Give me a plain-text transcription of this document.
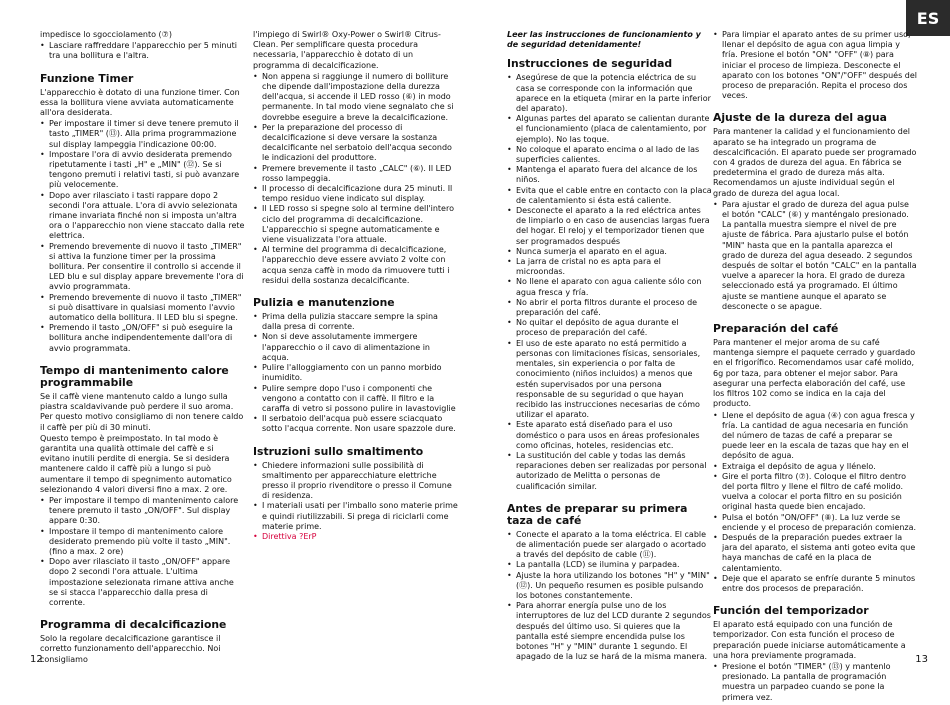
impedisce lo sgocciolamento (⑦)

• Lasciare raffreddare l'apparecchio per 5 minuti tra una bollitura e l'altra.
Funzione Timer

L'apparecchio è dotato di una funzione timer. Con essa la bollitura viene avviata automaticamente all'ora desiderata.

• Per impostare il timer si deve tenere premuto il tasto „TIMER" (⑬). Alla prima programmazione sul display lampeggia l'indicazione 00:00.
• Impostare l'ora di avvio desiderata premendo ripetutamente i tasti „H" e „MIN" (⑫). Se si tengono premuti i relativi tasti, si può avanzare più velocemente.
• Dopo aver rilasciato i tasti rappare dopo 2 secondi l'ora attuale. L'ora di avvio selezionata rimane invariata finché non si imposta un'altra ora o l'apparecchio non viene staccato dalla rete elettrica.
• Premendo brevemente di nuovo il tasto „TIMER" si attiva la funzione timer per la prossima bollitura. Per consentire il controllo si accende il LED blu e sul display appare brevemente l'ora di avvio programmata.
• Premendo brevemente di nuovo il tasto „TIMER" si può disattivare in qualsiasi momento l'avvio automatico della bollitura. Il LED blu si spegne.
• Premendo il tasto „ON/OFF" si può eseguire la bollitura anche indipendentemente dall'ora di avvio programmata.
Tempo di mantenimento calore programmabile

Se il caffè viene mantenuto caldo a lungo sulla piastra scaldavivande può perdere il suo aroma. Per questo motivo consigliamo di non tenere caldo il caffè per più di 30 minuti.

Questo tempo è preimpostato. In tal modo è garantita una qualità ottimale del caffè e si evitano inutili perdite di energia. Se si desidera mantenere caldo il caffè più a lungo si può aumentare il tempo di spegnimento automatico selezionando 4 valori diversi fino a max. 2 ore.

• Per impostare il tempo di mantenimento calore tenere premuto il tasto „ON/OFF". Sul display appare 0:30.
• Impostare il tempo di mantenimento calore desiderato premendo più volte il tasto „MIN". (fino a max. 2 ore)
• Dopo aver rilasciato il tasto „ON/OFF" appare dopo 2 secondi l'ora attuale. L'ultima impostazione selezionata rimane attiva anche se si stacca l'apparecchio dalla presa di corrente.
Programma di decalcificazione

Solo la regolare decalcificazione garantisce il corretto funzionamento dell'apparecchio. Noi consigliamo

l'impiego di Swirl® Oxy-Power o Swirl® Citrus-Clean. Per semplificare questa procedura necessaria, l'apparecchio è dotato di un programma di decalcificazione.

• Non appena si raggiunge il numero di bolliture che dipende dall'impostazione della durezza dell'acqua, si accende il LED rosso (⑥) in modo permanente. In tal modo viene segnalato che si dovrebbe eseguire a breve la decalcificazione.
• Per la preparazione del processo di decalcificazione si deve versare la sostanza decalcificante nel serbatoio dell'acqua secondo le indicazioni del produttore.
• Premere brevemente il tasto „CALC" (⑥). Il LED rosso lampeggia.
• Il processo di decalcificazione dura 25 minuti. Il tempo residuo viene indicato sul display.
• Il LED rosso si spegne solo al termine dell'intero ciclo del programma di decalcificazione. L'apparecchio si spegne automaticamente e viene visualizzata l'ora attuale.
• Al termine del programma di decalcificazione, l'apparecchio deve essere avviato 2 volte con acqua senza caffè in modo da rimuovere tutti i residui della sostanza decalcificante.
Pulizia e manutenzione
• Prima della pulizia staccare sempre la spina dalla presa di corrente.
• Non si deve assolutamente immergere l'apparecchio o il cavo di alimentazione in acqua.
• Pulire l'alloggiamento con un panno morbido inumidito.
• Pulire sempre dopo l'uso i componenti che vengono a contatto con il caffè. Il filtro e la caraffa di vetro si possono pulire in lavastoviglie
• Il serbatoio dell'acqua può essere sciacquato sotto l'acqua corrente. Non usare spazzole dure.
Istruzioni sullo smaltimento
• Chiedere informazioni sulle possibilità di smaltimento per apparecchiature elettriche presso il proprio rivenditore o presso il Comune di residenza.
• I materiali usati per l'imballo sono materie prime e quindi riutilizzabili. Si prega di riciclarli come materie prime.
• Direttiva ?ErP
12
ES

Leer las instrucciones de funcionamiento y de seguridad detenidamente!

Instrucciones de seguridad
• Asegúrese de que la potencia eléctrica de su casa se corresponde con la información que aparece en la etiqueta (mirar en la parte inferior del aparato).
• Algunas partes del aparato se calientan durante el funcionamiento (placa de calentamiento, por ejemplo). No las toque.
• No coloque el aparato encima o al lado de las superficies calientes.
• Mantenga el aparato fuera del alcance de los niños.
• Evita que el cable entre en contacto con la placa de calentamiento si ésta está caliente.
• Desconecte el aparato a la red eléctrica antes de limpiarlo o en caso de ausencias largas fuera del hogar. El reloj y el temporizador tienen que ser programados después
• Nunca sumerja el aparato en el agua.
• La jarra de cristal no es apta para el microondas.
• No llene el aparato con agua caliente sólo con agua fresca y fría.
• No abrir el porta filtros durante el proceso de preparación del café.
• No quitar el depósito de agua durante el proceso de preparación del café.
• El uso de este aparato no está permitido a personas con limitaciones físicas, sensoriales, mentales, sin experiencia o por falta de conocimiento (niños incluidos) a menos que estén supervisados por una persona responsable de su seguridad o que hayan recibido las instrucciones necesarias de cómo utilizar el aparato.
• Este aparato está diseñado para el uso doméstico o para usos en áreas profesionales como oficinas, hoteles, residencias etc.
• La sustitución del cable y todas las demás reparaciones deben ser realizadas por personal autorizado de Melitta o personas de cualificación similar.
Antes de preparar su primera taza de café
• Conecte el aparato a la toma eléctrica. El cable de alimentación puede ser alargado o acortado a través del depósito de cable (⑪).
• La pantalla (LCD) se ilumina y parpadea.
• Ajuste la hora utilizando los botones "H" y "MIN" (⑫). Un pequeño resumen es posible pulsando los botones constantemente.
• Para ahorrar energía pulse uno de los interruptores de luz del LCD durante 2 segundos después del último uso. Si quieres que la pantalla esté siempre encendida pulse los botones "H" y "MIN" durante 1 segundo. El apagado de la luz se hará de la misma manera.
• Para limpiar el aparato antes de su primer uso, llenar el depósito de agua con agua limpia y fría. Presione el botón "ON" "OFF" (⑧) para iniciar el proceso de limpieza. Desconecte el aparato con los botones "ON"/"OFF" después del proceso de preparación. Repita el proceso dos veces.
Ajuste de la dureza del agua

Para mantener la calidad y el funcionamiento del aparato se ha integrado un programa de descalcificación. El aparato puede ser programado con 4 grados de dureza del agua. En fábrica se predetermina el grado de dureza más alta. Recomendamos un ajuste individual según el grado de dureza del agua local.

• Para ajustar el grado de dureza del agua pulse el botón "CALC" (⑥) y manténgalo presionado. La pantalla muestra siempre el nivel de pre ajuste de fábrica. Para ajustarlo pulse el botón "MIN" hasta que en la pantalla aparezca el grado de dureza del agua deseado. 2 segundos después de soltar el botón "CALC" en la pantalla vuelve a aparecer la hora. El grado de dureza seleccionado está ya programado. El último ajuste se mantiene aunque el aparato se desconecte o se apague.
Preparación del café

Para mantener el mejor aroma de su café mantenga siempre el paquete cerrado y guardado en el frigorífico. Recomendamos usar café molido, 6g por taza, para obtener el mejor sabor. Para asegurar una perfecta elaboración del café, use los filtros 102 como se indica en la caja del producto.

• Llene el depósito de agua (④) con agua fresca y fría. La cantidad de agua necesaria en función del número de tazas de café a preparar se puede leer en la escala de tazas que hay en el depósito de agua.
• Extraiga el depósito de agua y llénelo.
• Gire el porta filtro (⑦). Coloque el filtro dentro del porta filtro y llene el filtro de café molido. vuelva a colocar el porta filtro en su posición original hasta quede bien encajado.
• Pulsa el botón "ON/OFF" (⑧). La luz verde se enciende y el proceso de preparación comienza.
• Después de la preparación puedes extraer la jara del aparato, el sistema anti goteo evita que haya manchas de café en la placa de calentamiento.
• Deje que el aparato se enfríe durante 5 minutos entre dos procesos de preparación.
Función del temporizador

El aparato está equipado con una función de temporizador. Con esta función el proceso de preparación puede iniciarse automáticamente a una hora previamente programada.

• Presione el botón "TIMER" (⑬) y mantenlo presionado. La pantalla de programación muestra un parpadeo cuando se pone la primera vez.
13
